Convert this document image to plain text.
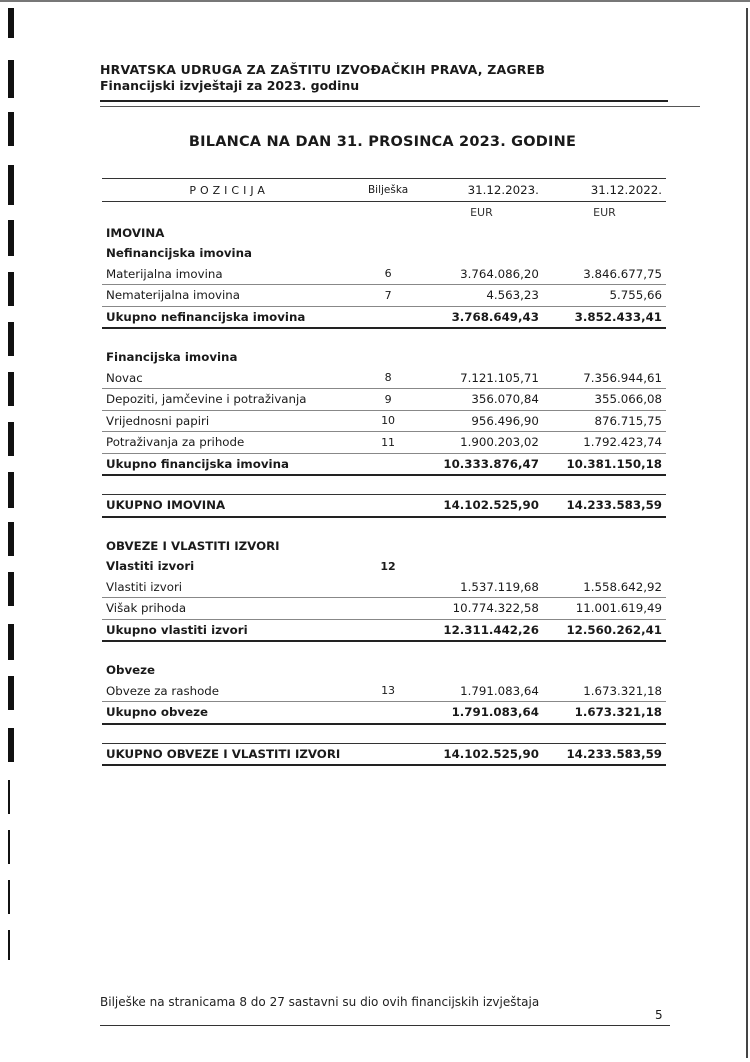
HRVATSKA UDRUGA ZA ZAŠTITU IZVOĐAČKIH PRAVA, ZAGREB
Financijski izvještaji za 2023. godinu
BILANCA NA DAN 31. PROSINCA 2023. GODINE
POZICIJA	Bilješka	31.12.2023.	31.12.2022.
		EUR	EUR
IMOVINA			
Nefinancijska imovina			
Materijalna imovina	6	3.764.086,20	3.846.677,75
Nematerijalna imovina	7	4.563,23	5.755,66
Ukupno nefinancijska imovina		3.768.649,43	3.852.433,41

Financijska imovina			
Novac	8	7.121.105,71	7.356.944,61
Depoziti, jamčevine i potraživanja	9	356.070,84	355.066,08
Vrijednosni papiri	10	956.496,90	876.715,75
Potraživanja za prihode	11	1.900.203,02	1.792.423,74
Ukupno financijska imovina		10.333.876,47	10.381.150,18

UKUPNO IMOVINA		14.102.525,90	14.233.583,59

OBVEZE I VLASTITI IZVORI			
Vlastiti izvori	12		
Vlastiti izvori		1.537.119,68	1.558.642,92
Višak prihoda		10.774.322,58	11.001.619,49
Ukupno vlastiti izvori		12.311.442,26	12.560.262,41

Obveze			
Obveze za rashode	13	1.791.083,64	1.673.321,18
Ukupno obveze		1.791.083,64	1.673.321,18

UKUPNO OBVEZE I VLASTITI IZVORI		14.102.525,90	14.233.583,59
Bilješke na stranicama 8 do 27 sastavni su dio ovih financijskih izvještaja
5
